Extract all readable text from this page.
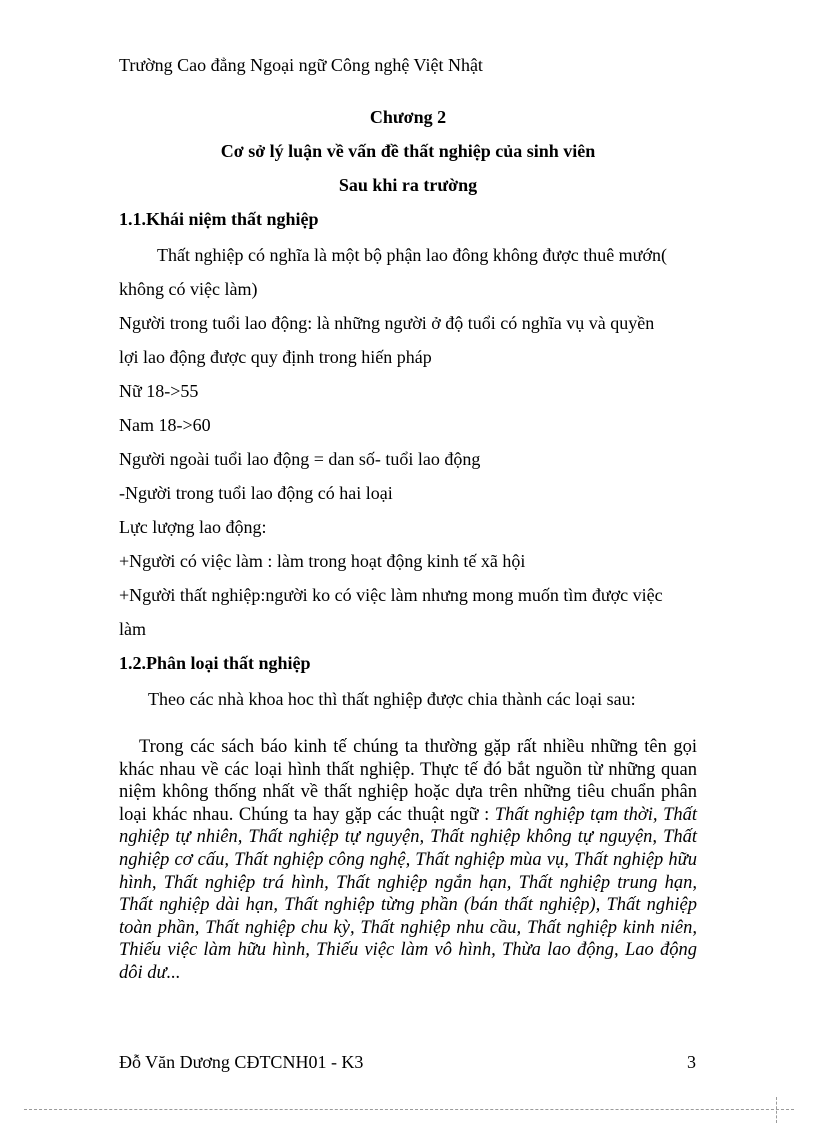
Trường Cao đẳng Ngoại ngữ Công nghệ Việt Nhật
Chương 2
Cơ sở lý luận về vấn đề thất nghiệp của sinh viên
Sau khi ra trường
1.1.Khái niệm thất nghiệp
Thất nghiệp có nghĩa là một bộ phận lao đông không được thuê mướn(
không có việc làm)
Người trong tuổi lao động: là những người ở độ tuổi có nghĩa vụ và quyền
lợi lao động được quy định trong hiến pháp
Nữ 18->55
Nam 18->60
Người ngoài tuổi lao động = dan số- tuổi lao động
-Người trong tuổi lao động có hai loại
Lực lượng lao động:
+Người có việc làm : làm trong hoạt động kinh tế xã hội
+Người thất nghiệp:người ko có việc làm nhưng mong muốn tìm được việc
làm
1.2.Phân loại thất nghiệp
Theo các nhà khoa hoc thì thất nghiệp được chia thành các loại sau:

Trong các sách báo kinh tế chúng ta thường gặp rất nhiều những tên gọi khác nhau về các loại hình thất nghiệp. Thực tế đó bắt nguồn từ những quan niệm không thống nhất về thất nghiệp hoặc dựa trên những tiêu chuẩn phân loại khác nhau. Chúng ta hay gặp các thuật ngữ : Thất nghiệp tạm thời, Thất nghiệp tự nhiên, Thất nghiệp tự nguyện, Thất nghiệp không tự nguyện, Thất nghiệp cơ cấu, Thất nghiệp công nghệ, Thất nghiệp mùa vụ, Thất nghiệp hữu hình, Thất nghiệp trá hình, Thất nghiệp ngắn hạn, Thất nghiệp trung hạn, Thất nghiệp dài hạn, Thất nghiệp từng phần (bán thất nghiệp), Thất nghiệp toàn phần, Thất nghiệp chu kỳ, Thất nghiệp nhu cầu, Thất nghiệp kinh niên, Thiếu việc làm hữu hình, Thiếu việc làm vô hình, Thừa lao động, Lao động dôi dư...

Đỗ Văn Dương CĐTCNH01 - K3	3
